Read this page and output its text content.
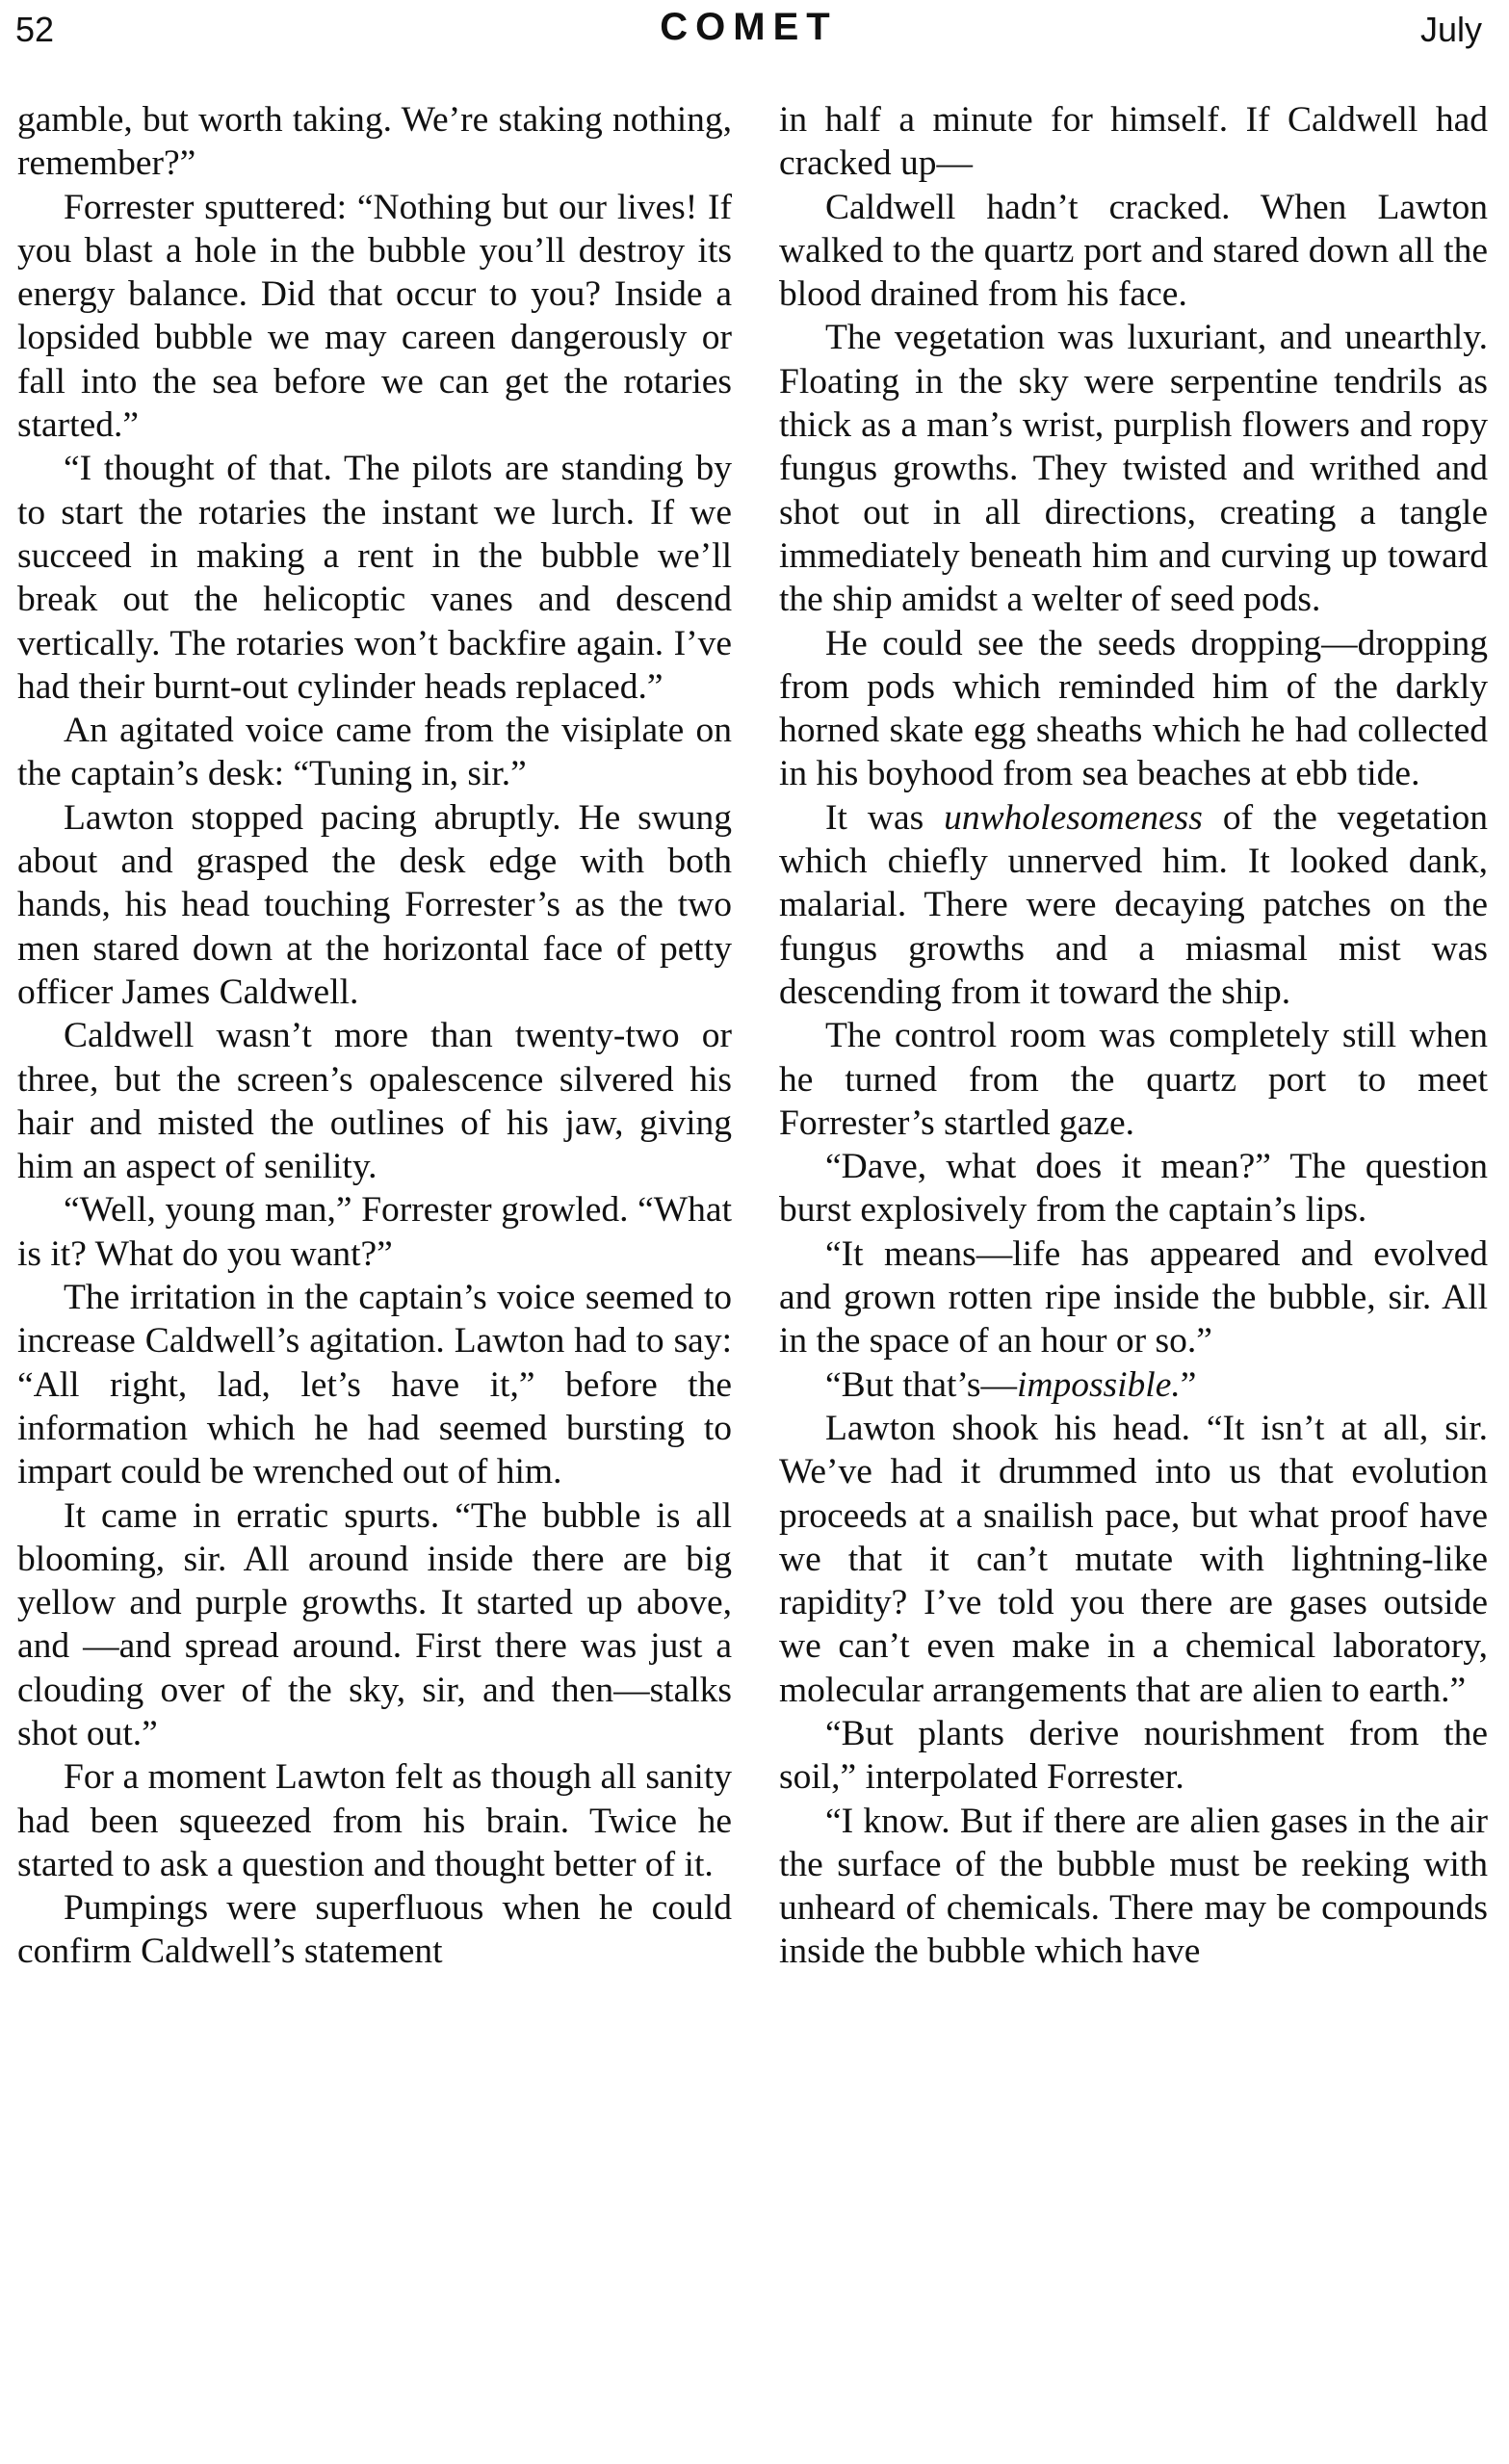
52	COMET	July

gamble, but worth taking. We’re staking nothing, remember?”

Forrester sputtered: “Nothing but our lives! If you blast a hole in the bubble you’ll destroy its energy balance. Did that occur to you? Inside a lopsided bubble we may careen dangerously or fall into the sea before we can get the rotaries started.”

“I thought of that. The pilots are standing by to start the rotaries the instant we lurch. If we succeed in making a rent in the bubble we’ll break out the helicoptic vanes and descend vertically. The rotaries won’t backfire again. I’ve had their burnt-out cylinder heads replaced.”

An agitated voice came from the visiplate on the captain’s desk: “Tuning in, sir.”

Lawton stopped pacing abruptly. He swung about and grasped the desk edge with both hands, his head touching Forrester’s as the two men stared down at the horizontal face of petty officer James Caldwell.

Caldwell wasn’t more than twenty-two or three, but the screen’s opalescence silvered his hair and misted the outlines of his jaw, giving him an aspect of senility.

“Well, young man,” Forrester growled. “What is it? What do you want?”

The irritation in the captain’s voice seemed to increase Caldwell’s agitation. Lawton had to say: “All right, lad, let’s have it,” before the information which he had seemed bursting to impart could be wrenched out of him.

It came in erratic spurts. “The bubble is all blooming, sir. All around inside there are big yellow and purple growths. It started up above, and —and spread around. First there was just a clouding over of the sky, sir, and then—stalks shot out.”

For a moment Lawton felt as though all sanity had been squeezed from his brain. Twice he started to ask a question and thought better of it.

Pumpings were superfluous when he could confirm Caldwell’s statement

in half a minute for himself. If Caldwell had cracked up—

Caldwell hadn’t cracked. When Lawton walked to the quartz port and stared down all the blood drained from his face.

The vegetation was luxuriant, and unearthly. Floating in the sky were serpentine tendrils as thick as a man’s wrist, purplish flowers and ropy fungus growths. They twisted and writhed and shot out in all directions, creating a tangle immediately beneath him and curving up toward the ship amidst a welter of seed pods.

He could see the seeds dropping—dropping from pods which reminded him of the darkly horned skate egg sheaths which he had collected in his boyhood from sea beaches at ebb tide.

It was unwholesomeness of the vegetation which chiefly unnerved him. It looked dank, malarial. There were decaying patches on the fungus growths and a miasmal mist was descending from it toward the ship.

The control room was completely still when he turned from the quartz port to meet Forrester’s startled gaze.

“Dave, what does it mean?” The question burst explosively from the captain’s lips.

“It means—life has appeared and evolved and grown rotten ripe inside the bubble, sir. All in the space of an hour or so.”

“But that’s—impossible.”

Lawton shook his head. “It isn’t at all, sir. We’ve had it drummed into us that evolution proceeds at a snailish pace, but what proof have we that it can’t mutate with lightning-like rapidity? I’ve told you there are gases outside we can’t even make in a chemical laboratory, molecular arrangements that are alien to earth.”

“But plants derive nourishment from the soil,” interpolated Forrester.

“I know. But if there are alien gases in the air the surface of the bubble must be reeking with unheard of chemicals. There may be compounds inside the bubble which have
